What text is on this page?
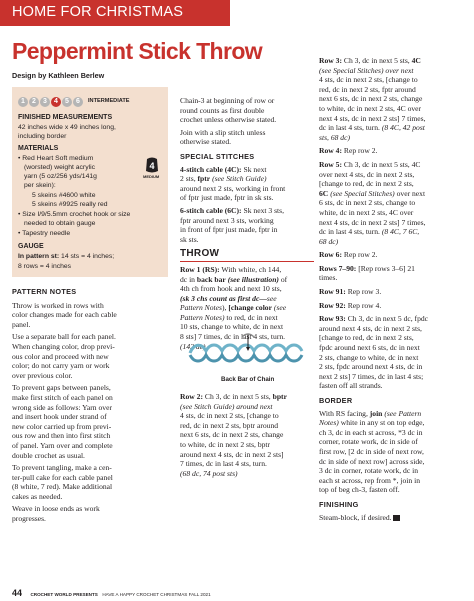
HOME FOR CHRISTMAS
Peppermint Stick Throw
Design by Kathleen Berlew
1	2	3	4	5	6	INTERMEDIATE
FINISHED MEASUREMENTS
42 inches wide x 49 inches long,
including border
MATERIALS
• Red Heart Soft medium
(worsted) weight acrylic
yarn (5 oz/256 yds/141g
per skein):
5 skeins #4600 white
5 skeins #9925 really red
• Size I/9/5.5mm crochet hook or size
needed to obtain gauge
• Tapestry needle
4
MEDIUM
GAUGE
In pattern st: 14 sts = 4 inches;
8 rows = 4 inches
PATTERN NOTES
Throw is worked in rows with
color changes made for each cable
panel.
Use a separate ball for each panel.
When changing color, drop previ-
ous color and proceed with new
color; do not carry yarn or work
over previous color.
To prevent gaps between panels,
make first stitch of each panel on
wrong side as follows: Yarn over
and insert hook under strand of
new color carried up from previ-
ous row and then into first stitch
of panel. Yarn over and complete
double crochet as usual.
To prevent tangling, make a cen-
ter-pull cake for each cable panel
(8 white, 7 red). Make additional
cakes as needed.
Weave in loose ends as work
progresses.
Chain-3 at beginning of row or
round counts as first double
crochet unless otherwise stated.
Join with a slip stitch unless
otherwise stated.
SPECIAL STITCHES
4-stitch cable (4C): Sk next
2 sts, fptr (see Stitch Guide)
around next 2 sts, working in front
of fptr just made, fptr in sk sts.
6-stitch cable (6C): Sk next 3 sts,
fptr around next 3 sts, working
in front of fptr just made, fptr in
sk sts.
THROW
Row 1 (RS): With white, ch 144,
dc in back bar (see illustration) of
4th ch from hook and next 10 sts,
(sk 3 chs count as first dc—see
Pattern Notes), [change color (see
Pattern Notes) to red, dc in next
10 sts, change to white, dc in next
8 sts] 7 times, dc in last 4 sts, turn.
(142 dc)
Back Bar of Chain
Row 2: Ch 3, dc in next 5 sts, bptr
(see Stitch Guide) around next
4 sts, dc in next 2 sts, [change to
red, dc in next 2 sts, bptr around
next 6 sts, dc in next 2 sts, change
to white, dc in next 2 sts, bptr
around next 4 sts, dc in next 2 sts]
7 times, dc in last 4 sts, turn.
(68 dc, 74 post sts)
Row 3: Ch 3, dc in next 5 sts, 4C
(see Special Stitches) over next
4 sts, dc in next 2 sts, [change to
red, dc in next 2 sts, fptr around
next 6 sts, dc in next 2 sts, change
to white, dc in next 2 sts, 4C over
next 4 sts, dc in next 2 sts] 7 times,
dc in last 4 sts, turn. (8 4C, 42 post
sts, 68 dc)
Row 4: Rep row 2.
Row 5: Ch 3, dc in next 5 sts, 4C
over next 4 sts, dc in next 2 sts,
[change to red, dc in next 2 sts,
6C (see Special Stitches) over next
6 sts, dc in next 2 sts, change to
white, dc in next 2 sts, 4C over
next 4 sts, dc in next 2 sts] 7 times,
dc in last 4 sts, turn. (8 4C, 7 6C,
68 dc)
Row 6: Rep row 2.
Rows 7–90: [Rep rows 3–6] 21
times.
Row 91: Rep row 3.
Row 92: Rep row 4.
Row 93: Ch 3, dc in next 5 dc, fpdc
around next 4 sts, dc in next 2 sts,
[change to red, dc in next 2 sts,
fpdc around next 6 sts, dc in next
2 sts, change to white, dc in next
2 sts, fpdc around next 4 sts, dc in
next 2 sts] 7 times, dc in last 4 sts;
fasten off all strands.
BORDER
With RS facing, join (see Pattern
Notes) white in any st on top edge,
ch 3, dc in each st across, *3 dc in
corner, rotate work, dc in side of
first row, [2 dc in side of next row,
dc in side of next row] across side,
3 dc in corner, rotate work, dc in
each st across, rep from *, join in
top of beg ch-3, fasten off.
FINISHING
Steam-block, if desired.
44 CROCHET WORLD PRESENTS HAVE A HAPPY CROCHET CHRISTMAS FALL 2021
